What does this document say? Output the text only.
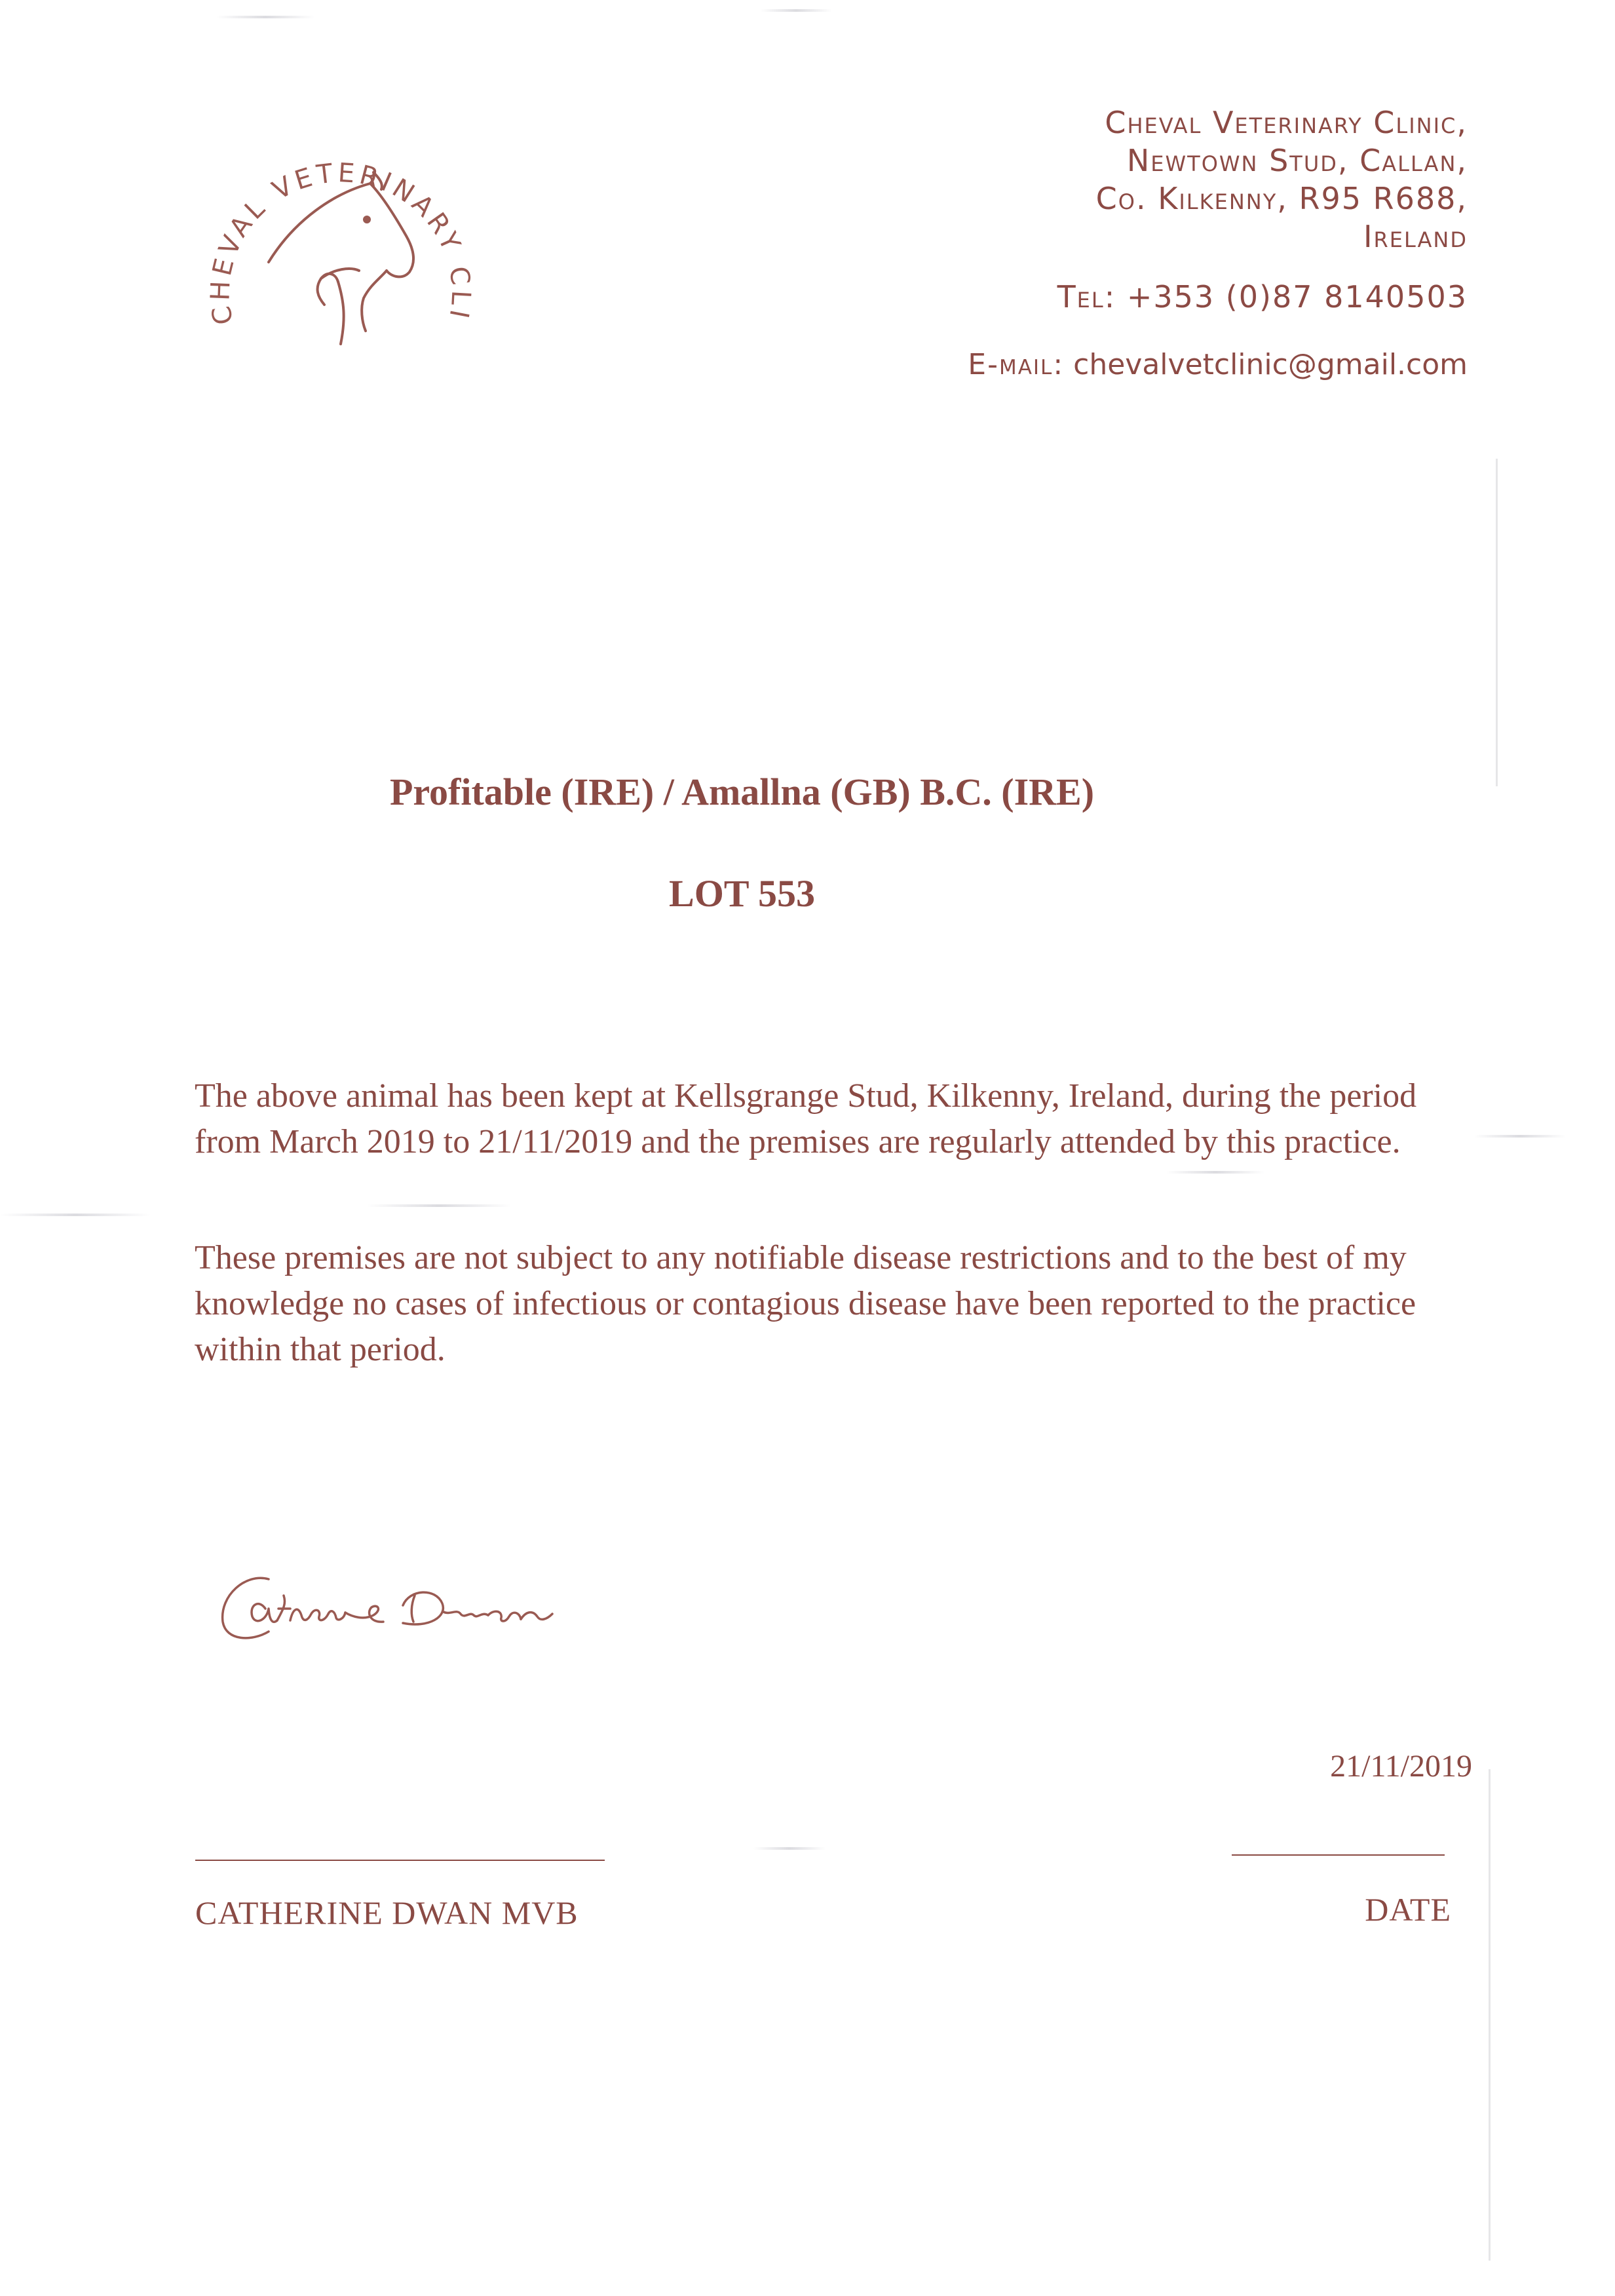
CHEVAL VETERINARY CLI
Cheval Veterinary Clinic,
Newtown Stud, Callan,
Co. Kilkenny, R95 R688,
Ireland
Tel: +353 (0)87 8140503
E-mail: chevalvetclinic@gmail.com
Profitable (IRE) / Amallna (GB) B.C. (IRE)
LOT 553
The above animal has been kept at Kellsgrange Stud, Kilkenny, Ireland, during the period from March 2019 to 21/11/2019 and the premises are regularly attended by this practice.
These premises are not subject to any notifiable disease restrictions and to the best of my knowledge no cases of infectious or contagious disease have been reported to the practice within that period.
21/11/2019
CATHERINE DWAN MVB	DATE
